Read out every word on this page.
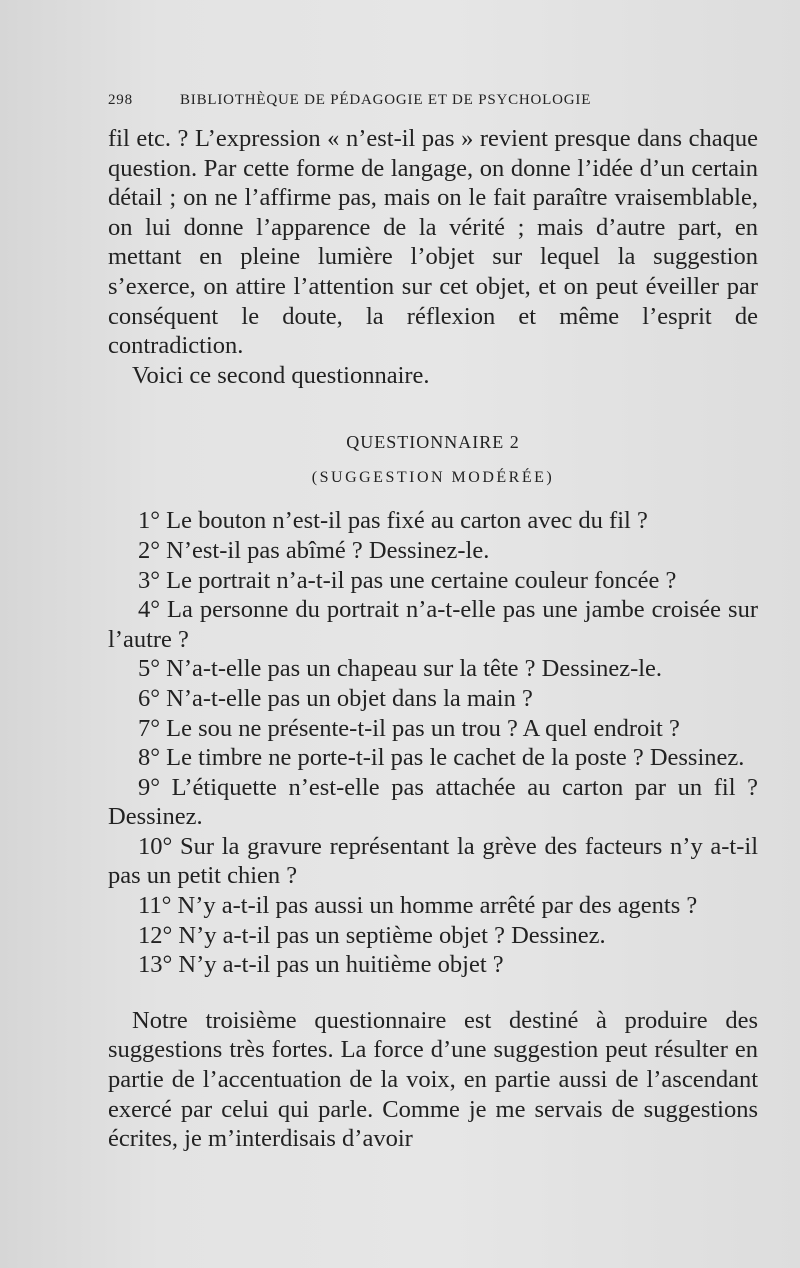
298	BIBLIOTHÈQUE DE PÉDAGOGIE ET DE PSYCHOLOGIE

fil etc. ? L’expression « n’est-il pas » revient presque dans chaque question. Par cette forme de langage, on donne l’idée d’un certain détail ; on ne l’affirme pas, mais on le fait paraître vraisemblable, on lui donne l’apparence de la vérité ; mais d’autre part, en mettant en pleine lumière l’objet sur lequel la suggestion s’exerce, on attire l’attention sur cet objet, et on peut éveiller par conséquent le doute, la réflexion et même l’esprit de contradiction.

Voici ce second questionnaire.

QUESTIONNAIRE 2
(SUGGESTION MODÉRÉE)

1° Le bouton n’est-il pas fixé au carton avec du fil ?

2° N’est-il pas abîmé ? Dessinez-le.

3° Le portrait n’a-t-il pas une certaine couleur foncée ?

4° La personne du portrait n’a-t-elle pas une jambe croisée sur l’autre ?

5° N’a-t-elle pas un chapeau sur la tête ? Dessinez-le.

6° N’a-t-elle pas un objet dans la main ?

7° Le sou ne présente-t-il pas un trou ? A quel endroit ?

8° Le timbre ne porte-t-il pas le cachet de la poste ? Dessinez.

9° L’étiquette n’est-elle pas attachée au carton par un fil ? Dessinez.

10° Sur la gravure représentant la grève des facteurs n’y a-t-il pas un petit chien ?

11° N’y a-t-il pas aussi un homme arrêté par des agents ?

12° N’y a-t-il pas un septième objet ? Dessinez.

13° N’y a-t-il pas un huitième objet ?

Notre troisième questionnaire est destiné à produire des suggestions très fortes. La force d’une suggestion peut résulter en partie de l’accentuation de la voix, en partie aussi de l’ascendant exercé par celui qui parle. Comme je me servais de suggestions écrites, je m’interdisais d’avoir
